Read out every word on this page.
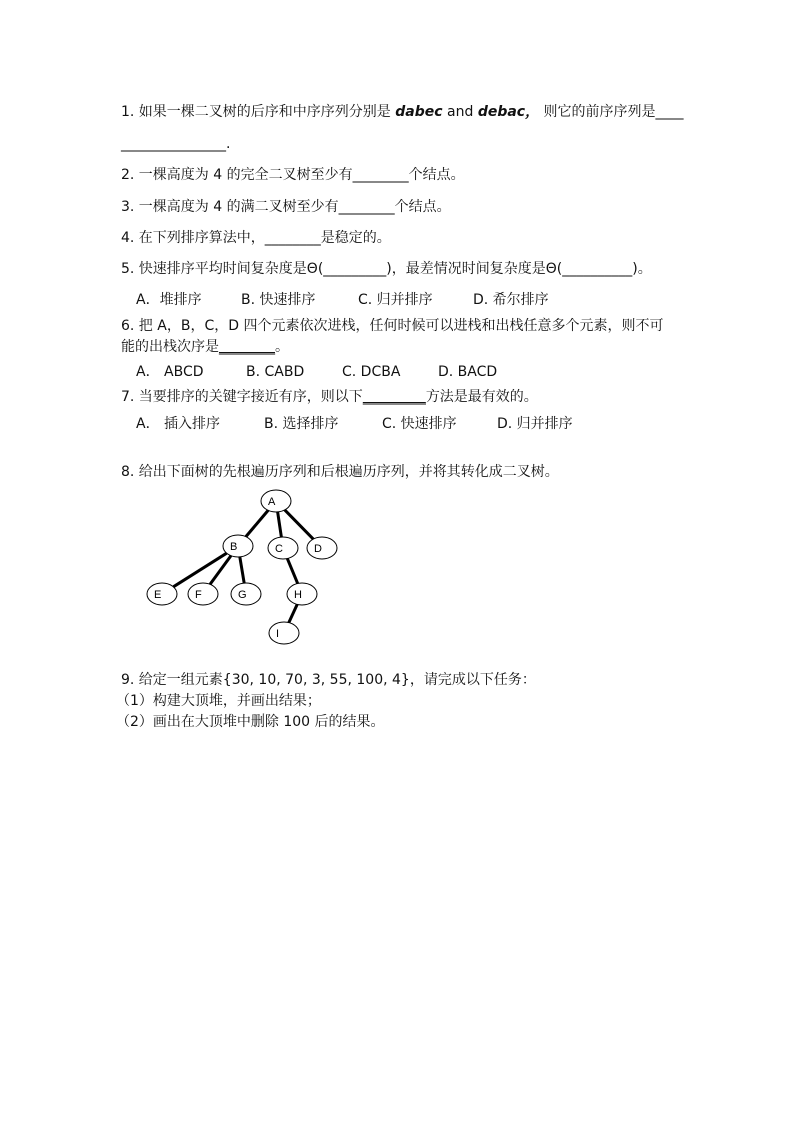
1. 如果一棵二叉树的后序和中序序列分别是 dabec and debac， 则它的前序序列是____
_______________.
2. 一棵高度为 4 的完全二叉树至少有________个结点。
3. 一棵高度为 4 的满二叉树至少有________个结点。
4. 在下列排序算法中，________是稳定的。
5. 快速排序平均时间复杂度是Θ(_________)，最差情况时间复杂度是Θ(__________)。
A．堆排序	B. 快速排序	C. 归并排序	D. 希尔排序
6. 把 A，B，C，D 四个元素依次进栈，任何时候可以进栈和出栈任意多个元素，则不可
能的出栈次序是________。
A． ABCD	B. CABD	C. DCBA	D. BACD
7. 当要排序的关键字接近有序，则以下_________方法是最有效的。
A． 插入排序	B. 选择排序	C. 快速排序	D. 归并排序
8. 给出下面树的先根遍历序列和后根遍历序列，并将其转化成二叉树。
A
B	C	D
E	F	G	H
I
9. 给定一组元素{30, 10, 70, 3, 55, 100, 4}，请完成以下任务：
（1）构建大顶堆，并画出结果；
（2）画出在大顶堆中删除 100 后的结果。
